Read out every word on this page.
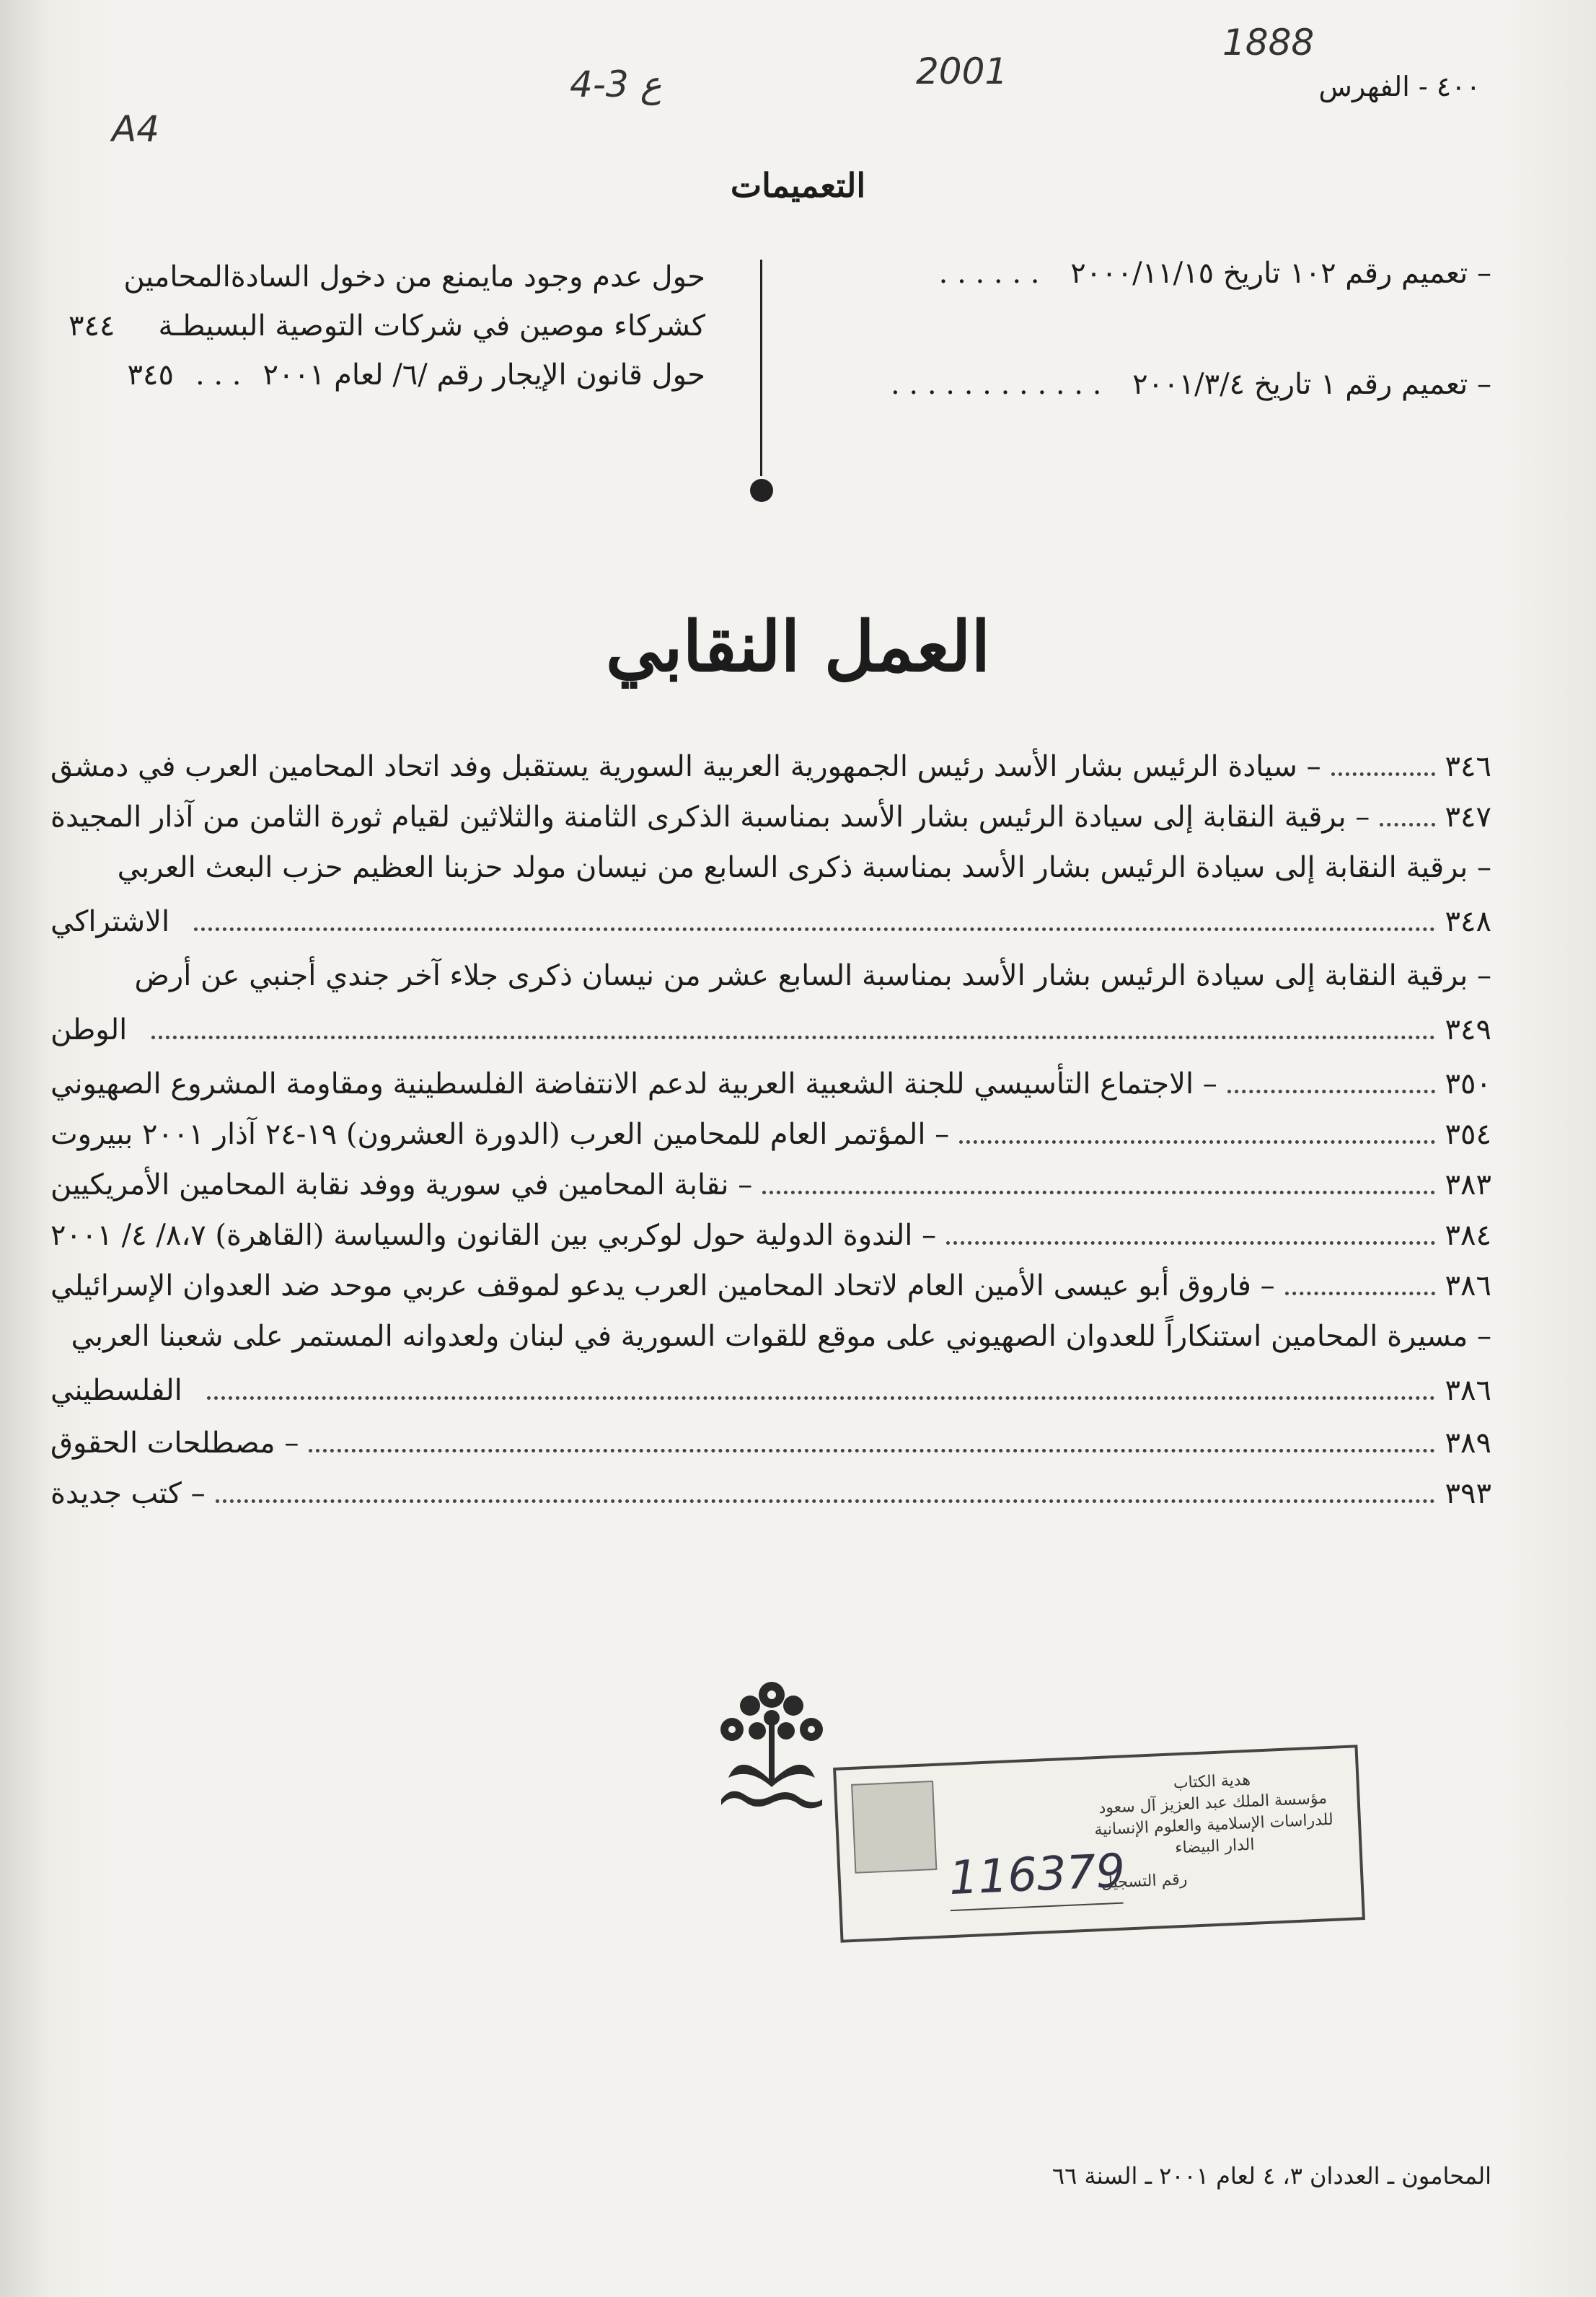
٤٠٠ - الفهرس
1888
2001
ع 3-4
A4
التعميمات
– تعميم رقم ١٠٢ تاريخ ٢٠٠٠/١١/١٥ . . . . . .
– تعميم رقم ١ تاريخ ٢٠٠١/٣/٤ . . . . . . . . . . . .
حول عدم وجود مايمنع من دخول السادةالمحامين
كشركاء موصين في شركات التوصية البسيطـة٣٤٤
حول قانون الإيجار رقم /٦/ لعام ٢٠٠١. . .٣٤٥
العمل النقابي
– سيادة الرئيس بشار الأسد رئيس الجمهورية العربية السورية يستقبل وفد اتحاد المحامين العرب في دمشق	٣٤٦
– برقية النقابة إلى سيادة الرئيس بشار الأسد بمناسبة الذكرى الثامنة والثلاثين لقيام ثورة الثامن من آذار المجيدة	٣٤٧
– برقية النقابة إلى سيادة الرئيس بشار الأسد بمناسبة ذكرى السابع من نيسان مولد حزبنا العظيم حزب البعث العربي
الاشتراكي	٣٤٨
– برقية النقابة إلى سيادة الرئيس بشار الأسد بمناسبة السابع عشر من نيسان ذكرى جلاء آخر جندي أجنبي عن أرض
الوطن	٣٤٩
– الاجتماع التأسيسي للجنة الشعبية العربية لدعم الانتفاضة الفلسطينية ومقاومة المشروع الصهيوني	٣٥٠
– المؤتمر العام للمحامين العرب (الدورة العشرون) ١٩-٢٤ آذار ٢٠٠١ ببيروت	٣٥٤
– نقابة المحامين في سورية ووفد نقابة المحامين الأمريكيين	٣٨٣
– الندوة الدولية حول لوكربي بين القانون والسياسة (القاهرة) ٨،٧/ ٤/ ٢٠٠١	٣٨٤
– فاروق أبو عيسى الأمين العام لاتحاد المحامين العرب يدعو لموقف عربي موحد ضد العدوان الإسرائيلي	٣٨٦
– مسيرة المحامين استنكاراً للعدوان الصهيوني على موقع للقوات السورية في لبنان ولعدوانه المستمر على شعبنا العربي
الفلسطيني	٣٨٦
– مصطلحات الحقوق	٣٨٩
– كتب جديدة	٣٩٣
هدية الكتاب
مؤسسة الملك عبد العزيز آل سعود
للدراسات الإسلامية والعلوم الإنسانية
الدار البيضاء
رقم التسجيل
116379
المحامون ـ العددان ٣، ٤ لعام ٢٠٠١ ـ السنة ٦٦
